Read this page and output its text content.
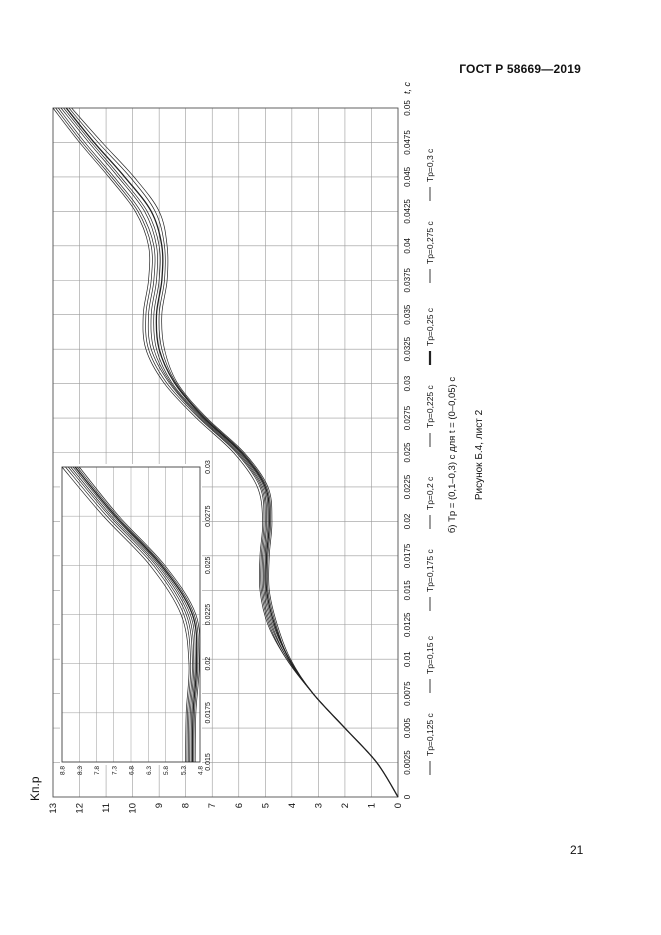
ГОСТ Р 58669—2019
0
0.0025
0.005
0.0075
0.01
0.0125
0.015
0.0175
0.02
0.0225
0.025
0.0275
0.03
0.0325
0.035
0.0375
0.04
0.0425
0.045
0.0475
0.05
0
1
2
3
4
5
6
7
8
9
10
11
12
13
Kп.р
t, с
0.015
0.0175
0.02
0.0225
0.025
0.0275
0.03
4.8
5.3
5.8
6.3
6.8
7.3
7.8
8.3
8.8
Tр=0,125 с
Tр=0,15 с
Tр=0,175 с
Tр=0,2 с
Tр=0,225 с
Tр=0,25 с
Tр=0,275 с
Tр=0,3 с
б) Tр = (0,1–0,3) с для t = (0–0,05) с Рисунок Б.4, лист 2
21
